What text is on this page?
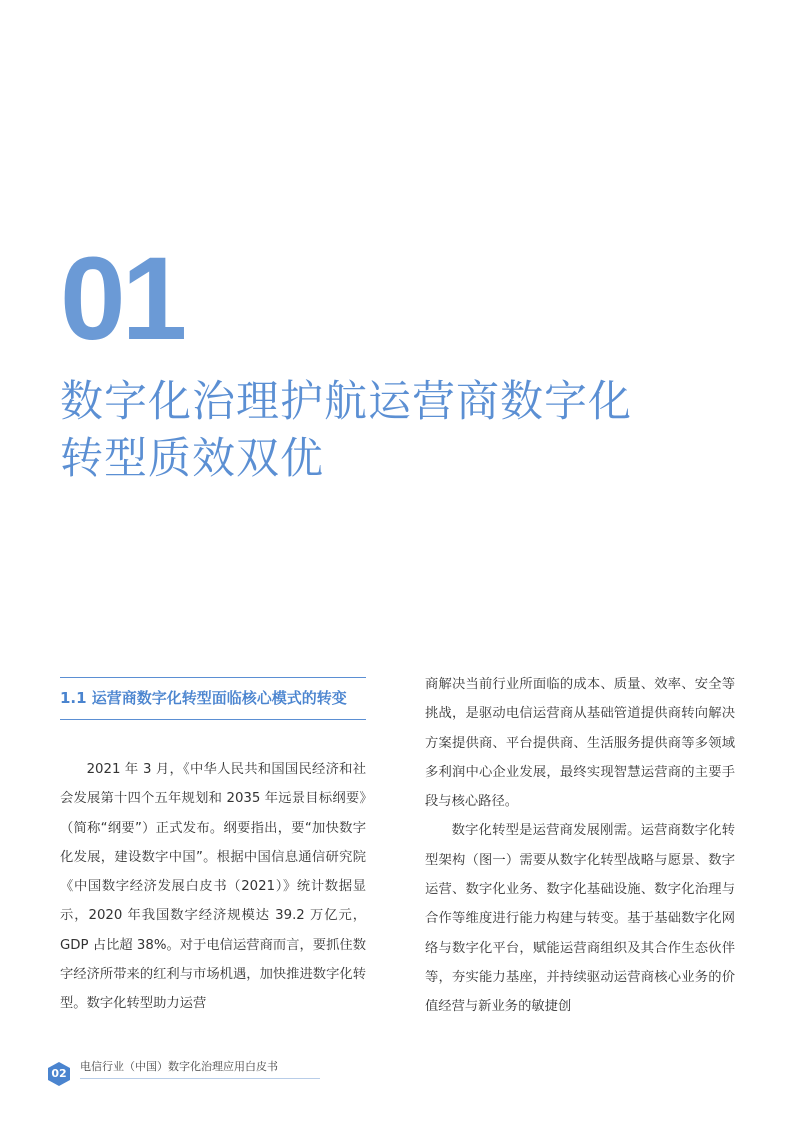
01
数字化治理护航运营商数字化
转型质效双优
1.1 运营商数字化转型面临核心模式的转变

2021 年 3 月，《中华人民共和国国民经济和社会发展第十四个五年规划和 2035 年远景目标纲要》（简称“纲要”）正式发布。纲要指出，要“加快数字化发展，建设数字中国”。根据中国信息通信研究院《中国数字经济发展白皮书（2021）》统计数据显示，2020 年我国数字经济规模达 39.2 万亿元，GDP 占比超 38%。对于电信运营商而言，要抓住数字经济所带来的红利与市场机遇，加快推进数字化转型。数字化转型助力运营

商解决当前行业所面临的成本、质量、效率、安全等挑战，是驱动电信运营商从基础管道提供商转向解决方案提供商、平台提供商、生活服务提供商等多领域多利润中心企业发展，最终实现智慧运营商的主要手段与核心路径。

数字化转型是运营商发展刚需。运营商数字化转型架构（图一）需要从数字化转型战略与愿景、数字运营、数字化业务、数字化基础设施、数字化治理与合作等维度进行能力构建与转变。基于基础数字化网络与数字化平台，赋能运营商组织及其合作生态伙伴等，夯实能力基座，并持续驱动运营商核心业务的价值经营与新业务的敏捷创

02
电信行业（中国）数字化治理应用白皮书
